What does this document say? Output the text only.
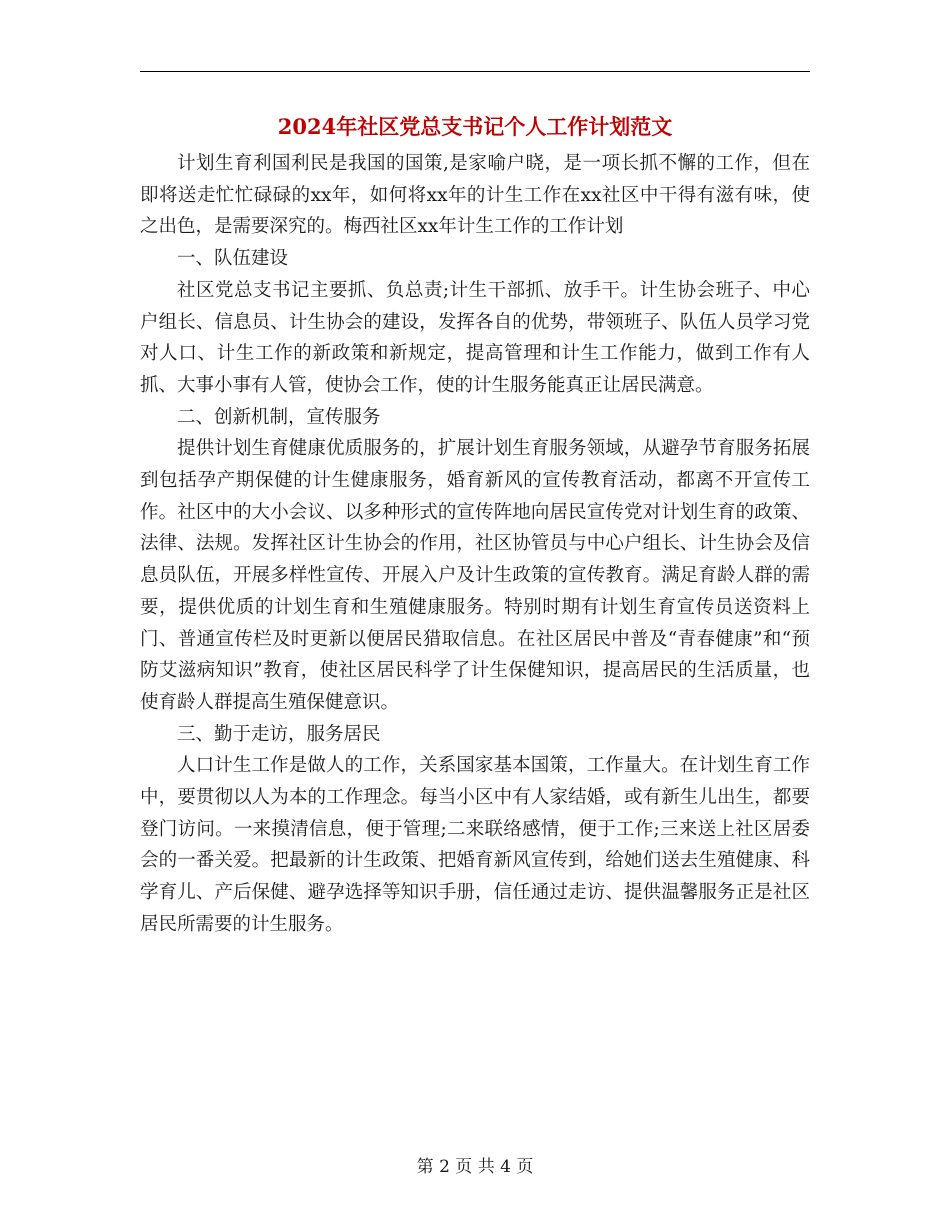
2024年社区党总支书记个人工作计划范文

计划生育利国利民是我国的国策,是家喻户晓，是一项长抓不懈的工作，但在即将送走忙忙碌碌的xx年，如何将xx年的计生工作在xx社区中干得有滋有味，使之出色，是需要深究的。梅西社区xx年计生工作的工作计划

一、队伍建设

社区党总支书记主要抓、负总责;计生干部抓、放手干。计生协会班子、中心户组长、信息员、计生协会的建设，发挥各自的优势，带领班子、队伍人员学习党对人口、计生工作的新政策和新规定，提高管理和计生工作能力，做到工作有人抓、大事小事有人管，使协会工作，使的计生服务能真正让居民满意。

二、创新机制，宣传服务

提供计划生育健康优质服务的，扩展计划生育服务领域，从避孕节育服务拓展到包括孕产期保健的计生健康服务，婚育新风的宣传教育活动，都离不开宣传工作。社区中的大小会议、以多种形式的宣传阵地向居民宣传党对计划生育的政策、法律、法规。发挥社区计生协会的作用，社区协管员与中心户组长、计生协会及信息员队伍，开展多样性宣传、开展入户及计生政策的宣传教育。满足育龄人群的需要，提供优质的计划生育和生殖健康服务。特别时期有计划生育宣传员送资料上门、普通宣传栏及时更新以便居民猎取信息。在社区居民中普及“青春健康”和“预防艾滋病知识”教育，使社区居民科学了计生保健知识，提高居民的生活质量，也使育龄人群提高生殖保健意识。

三、勤于走访，服务居民

人口计生工作是做人的工作，关系国家基本国策，工作量大。在计划生育工作中，要贯彻以人为本的工作理念。每当小区中有人家结婚，或有新生儿出生，都要登门访问。一来摸清信息，便于管理;二来联络感情，便于工作;三来送上社区居委会的一番关爱。把最新的计生政策、把婚育新风宣传到，给她们送去生殖健康、科学育儿、产后保健、避孕选择等知识手册，信任通过走访、提供温馨服务正是社区居民所需要的计生服务。

第 2 页 共 4 页
